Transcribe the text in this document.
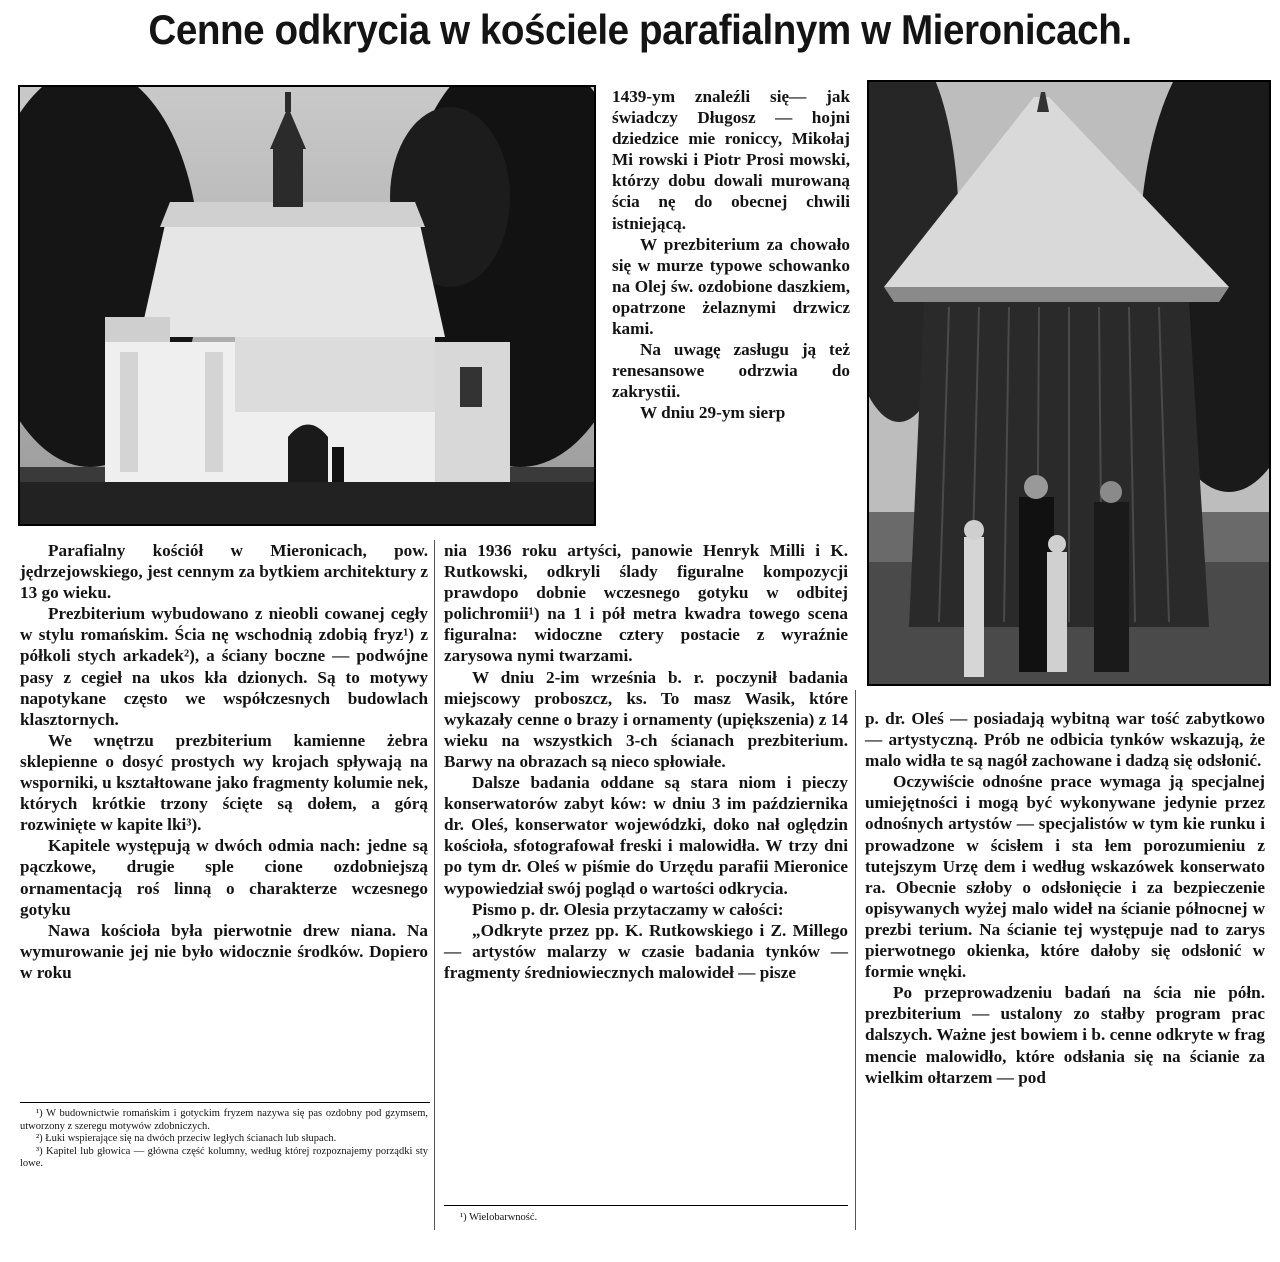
Cenne odkrycia w kościele parafialnym w Mieronicach.

Parafialny kościół w Mieronicach, pow. jędrzejowskiego, jest cennym za bytkiem architektury z 13 go wieku.

Prezbiterium wybudowano z nieobli cowanej cegły w stylu romańskim. Ścia nę wschodnią zdobią fryz¹) z półkoli stych arkadek²), a ściany boczne — podwójne pasy z cegieł na ukos kła dzionych. Są to motywy napotykane często we współczesnych budowlach klasztornych.

We wnętrzu prezbiterium kamienne żebra sklepienne o dosyć prostych wy krojach spływają na wsporniki, u kształtowane jako fragmenty kolumie nek, których krótkie trzony ścięte są dołem, a górą rozwinięte w kapite lki³).

Kapitele występują w dwóch odmia nach: jedne są pączkowe, drugie sple cione ozdobniejszą ornamentacją roś linną o charakterze wczesnego gotyku

Nawa kościoła była pierwotnie drew niana. Na wymurowanie jej nie było widocznie środków. Dopiero w roku

¹) W budownictwie romańskim i gotyckim fryzem nazywa się pas ozdobny pod gzymsem, utworzony z szeregu motywów zdobniczych.

²) Łuki wspierające się na dwóch przeciw ległych ścianach lub słupach.

³) Kapitel lub głowica — główna część kolumny, według której rozpoznajemy porządki sty lowe.

1439-ym znaleźli się— jak świadczy Długosz — hojni dziedzice mie roniccy, Mikołaj Mi rowski i Piotr Prosi mowski, którzy dobu dowali murowaną ścia nę do obecnej chwili istniejącą.

W prezbiterium za chowało się w murze typowe schowanko na Olej św. ozdobione daszkiem, opatrzone żelaznymi drzwicz kami.

Na uwagę zasługu ją też renesansowe odrzwia do zakrystii.

W dniu 29-ym sierp

nia 1936 roku artyści, panowie Henryk Milli i K. Rutkowski, odkryli ślady figuralne kompozycji prawdopo dobnie wczesnego gotyku w odbitej polichromii¹) na 1 i pół metra kwadra towego scena figuralna: widoczne cztery postacie z wyraźnie zarysowa nymi twarzami.

W dniu 2-im września b. r. poczynił badania miejscowy proboszcz, ks. To masz Wasik, które wykazały cenne o brazy i ornamenty (upiększenia) z 14 wieku na wszystkich 3-ch ścianach prezbiterium. Barwy na obrazach są nieco spłowiałe.

Dalsze badania oddane są stara niom i pieczy konserwatorów zabyt ków: w dniu 3 im października dr. Oleś, konserwator wojewódzki, doko nał oględzin kościoła, sfotografował freski i malowidła. W trzy dni po tym dr. Oleś w piśmie do Urzędu parafii Mieronice wypowiedział swój pogląd o wartości odkrycia.

Pismo p. dr. Olesia przytaczamy w całości:

„Odkryte przez pp. K. Rutkowskiego i Z. Millego — artystów malarzy w czasie badania tynków — fragmenty średniowiecznych malowideł — pisze

¹) Wielobarwność.

p. dr. Oleś — posiadają wybitną war tość zabytkowo — artystyczną. Prób ne odbicia tynków wskazują, że malo widła te są nagół zachowane i dadzą się odsłonić.

Oczywiście odnośne prace wymaga ją specjalnej umiejętności i mogą być wykonywane jedynie przez odnośnych artystów — specjalistów w tym kie runku i prowadzone w ścisłem i sta łem porozumieniu z tutejszym Urzę dem i według wskazówek konserwato ra. Obecnie szłoby o odsłonięcie i za bezpieczenie opisywanych wyżej malo wideł na ścianie północnej w prezbi terium. Na ścianie tej występuje nad to zarys pierwotnego okienka, które dałoby się odsłonić w formie wnęki.

Po przeprowadzeniu badań na ścia nie półn. prezbiterium — ustalony zo stałby program prac dalszych. Ważne jest bowiem i b. cenne odkryte w frag mencie malowidło, które odsłania się na ścianie za wielkim ołtarzem — pod
